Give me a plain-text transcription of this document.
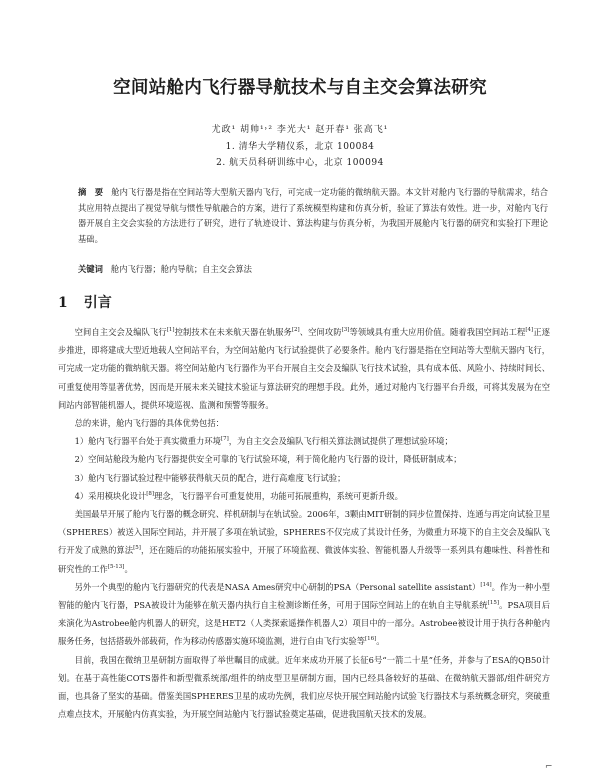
空间站舱内飞行器导航技术与自主交会算法研究
尤政¹ 胡帅¹˒² 李光大¹ 赵开春¹ 张高飞¹
1. 清华大学精仪系，北京 100084
2. 航天员科研训练中心，北京 100094
摘　要 舱内飞行器是指在空间站等大型航天器内飞行，可完成一定功能的微纳航天器。本文针对舱内飞行器的导航需求，结合其应用特点提出了视觉导航与惯性导航融合的方案，进行了系统模型构建和仿真分析，验证了算法有效性。进一步，对舱内飞行器开展自主交会实验的方法进行了研究，进行了轨迹设计、算法构建与仿真分析，为我国开展舱内飞行器的研究和实验打下理论基础。
关键词 舱内飞行器；舱内导航；自主交会算法
1 引言

空间自主交会及编队飞行[1]控制技术在未来航天器在轨服务[2]、空间攻防[3]等领域具有重大应用价值。随着我国空间站工程[4]正逐步推进，即将建成大型近地载人空间站平台，为空间站舱内飞行试验提供了必要条件。舱内飞行器是指在空间站等大型航天器内飞行，可完成一定功能的微纳航天器。将空间站舱内飞行器作为平台开展自主交会及编队飞行技术试验，具有成本低、风险小、持续时间长、可重复使用等显著优势，因而是开展未来关键技术验证与算法研究的理想手段。此外，通过对舱内飞行器平台升级，可将其发展为在空间站内部智能机器人，提供环境巡视、监测和预警等服务。

总的来讲，舱内飞行器的具体优势包括：

1）舱内飞行器平台处于真实微重力环境[7]，为自主交会及编队飞行相关算法测试提供了理想试验环境；

2）空间站舱段为舱内飞行器提供安全可靠的飞行试验环境，利于简化舱内飞行器的设计，降低研制成本；

3）舱内飞行器试验过程中能够获得航天员的配合，进行高难度飞行试验；

4）采用模块化设计[8]理念，飞行器平台可重复使用，功能可拓展重构，系统可更新升级。

美国最早开展了舱内飞行器的概念研究、样机研制与在轨试验。2006年，3颗由MIT研制的同步位置保持、连通与再定向试验卫星（SPHERES）被送入国际空间站，并开展了多项在轨试验，SPHERES不仅完成了其设计任务，为微重力环境下的自主交会及编队飞行开发了成熟的算法[5]，还在随后的功能拓展实验中，开展了环境监视、微波体实验、智能机器人升级等一系列具有趣味性、科普性和研究性的工作[5-13]。

另外一个典型的舱内飞行器研究的代表是NASA Ames研究中心研制的PSA（Personal satellite assistant）[14]。作为一种小型智能的舱内飞行器，PSA被设计为能够在航天器内执行自主检测诊断任务，可用于国际空间站上的在轨自主导航系统[15]。PSA项目后来演化为Astrobee舱内机器人的研究，这是HET2（人类探索遥操作机器人2）项目中的一部分。Astrobee被设计用于执行各种舱内服务任务，包括搭载外部载荷，作为移动传感器实施环境监测，进行自由飞行实验等[16]。

目前，我国在微纳卫星研制方面取得了举世瞩目的成就。近年来成功开展了长征6号“一箭二十星”任务，并参与了ESA的QB50计划。在基于高性能COTS器件和新型微系统部/组件的纳皮型卫星研制方面，国内已经具备较好的基础、在微纳航天器部/组件研究方面，也具备了坚实的基础。借鉴美国SPHERES卫星的成功先例，我们应尽快开展空间站舱内试验飞行器技术与系统概念研究，突破重点难点技术，开展舱内仿真实验，为开展空间站舱内飞行器试验奠定基础，促进我国航天技术的发展。

⌐
